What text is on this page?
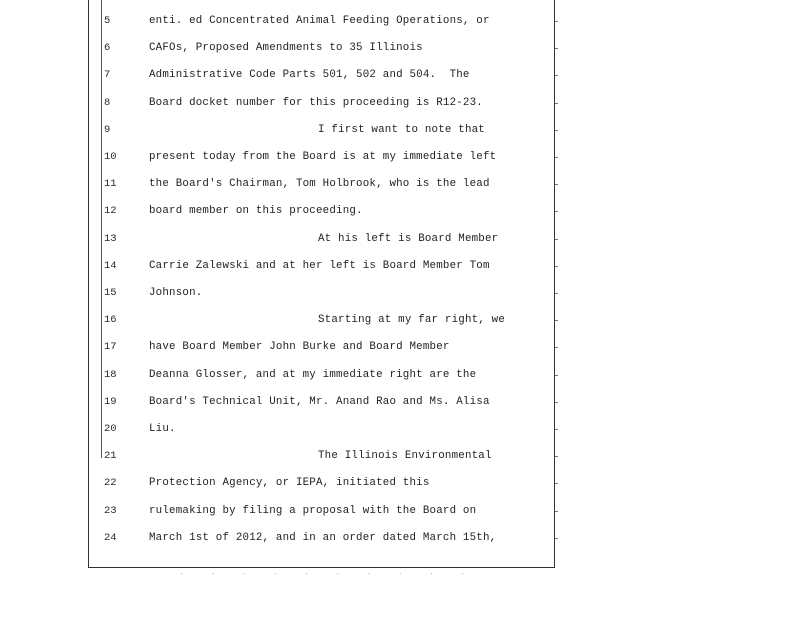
5	enti. ed Concentrated Animal Feeding Operations, or
6	CAFOs, Proposed Amendments to 35 Illinois
7	Administrative Code Parts 501, 502 and 504.  The
8	Board docket number for this proceeding is R12-23.
9	I first want to note that
10	present today from the Board is at my immediate left
11	the Board's Chairman, Tom Holbrook, who is the lead
12	board member on this proceeding.
13	At his left is Board Member
14	Carrie Zalewski and at her left is Board Member Tom
15	Johnson.
16	Starting at my far right, we
17	have Board Member John Burke and Board Member
18	Deanna Glosser, and at my immediate right are the
19	Board's Technical Unit, Mr. Anand Rao and Ms. Alisa
20	Liu.
21	The Illinois Environmental
22	Protection Agency, or IEPA, initiated this
23	rulemaking by filing a proposal with the Board on
24	March 1st of 2012, and in an order dated March 15th,
. . . . . . . . . .
